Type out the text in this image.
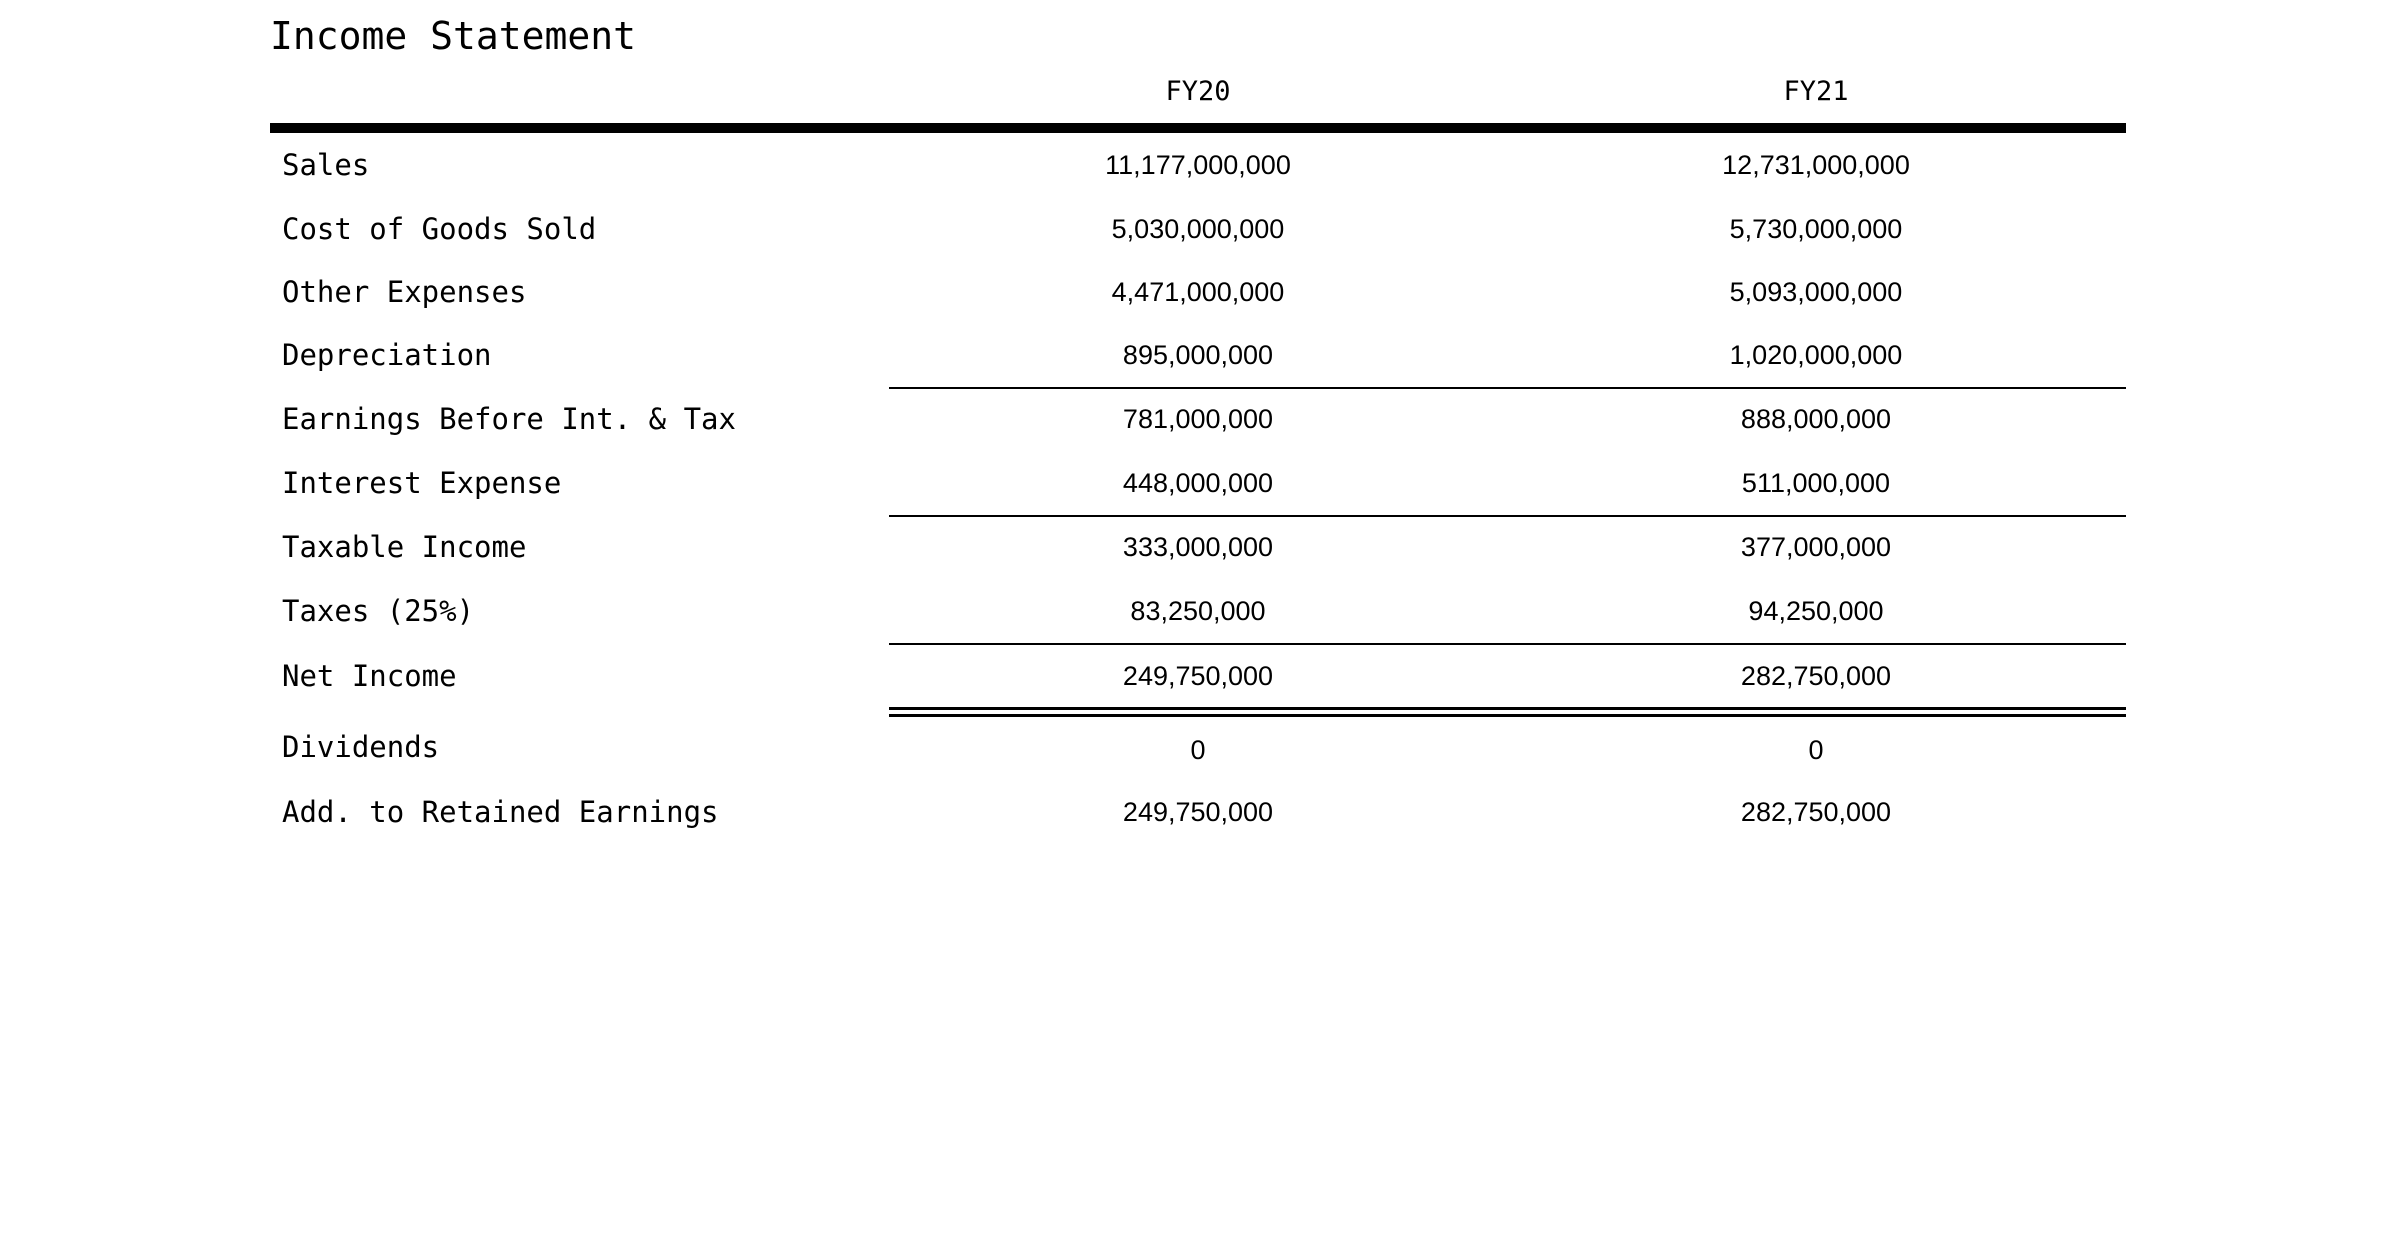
Income Statement
FY20	FY21
Sales	11,177,000,000	12,731,000,000
Cost of Goods Sold	5,030,000,000	5,730,000,000
Other Expenses	4,471,000,000	5,093,000,000
Depreciation	895,000,000	1,020,000,000
Earnings Before Int. & Tax	781,000,000	888,000,000
Interest Expense	448,000,000	511,000,000
Taxable Income	333,000,000	377,000,000
Taxes (25%)	83,250,000	94,250,000
Net Income	249,750,000	282,750,000
Dividends	0	0
Add. to Retained Earnings	249,750,000	282,750,000
